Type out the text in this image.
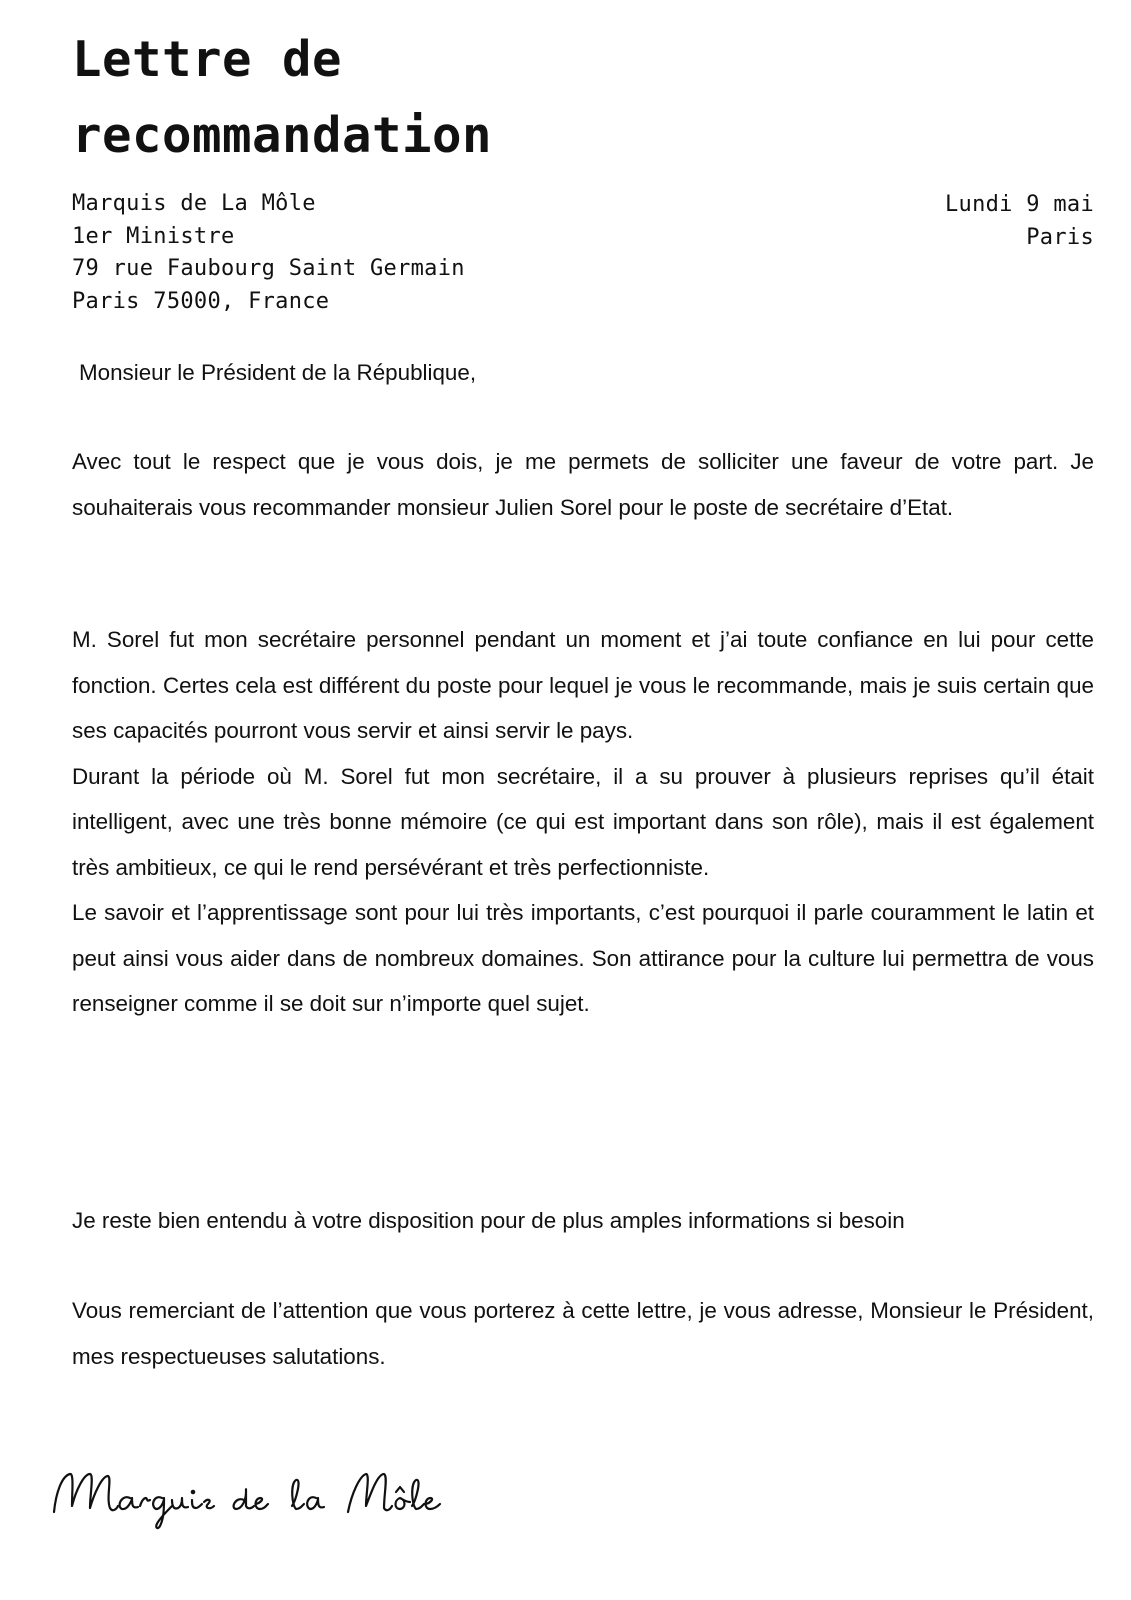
Lettre de
recommandation
Marquis de La Môle
1er Ministre
79 rue Faubourg Saint Germain
Paris 75000, France
Lundi 9 mai
Paris

Monsieur le Président de la République,

Avec tout le respect que je vous dois, je me permets de solliciter une faveur de votre part. Je souhaiterais vous recommander monsieur Julien Sorel pour le poste de secrétaire d’Etat.

M. Sorel fut mon secrétaire personnel pendant un moment et j’ai toute confiance en lui pour cette fonction. Certes cela est différent du poste pour lequel je vous le recommande, mais je suis certain que ses capacités pourront vous servir et ainsi servir le pays.
Durant la période où M. Sorel fut mon secrétaire, il a su prouver à plusieurs reprises qu’il était intelligent, avec une très bonne mémoire (ce qui est important dans son rôle), mais il est également très ambitieux, ce qui le rend persévérant et très perfectionniste.
Le savoir et l’apprentissage sont pour lui très importants, c’est pourquoi il parle couramment le latin et peut ainsi vous aider dans de nombreux domaines. Son attirance pour la culture lui permettra de vous renseigner comme il se doit sur n’importe quel sujet.

Je reste bien entendu à votre disposition pour de plus amples informations si besoin

Vous remerciant de l’attention que vous porterez à cette lettre, je vous adresse, Monsieur le Président, mes respectueuses salutations.
